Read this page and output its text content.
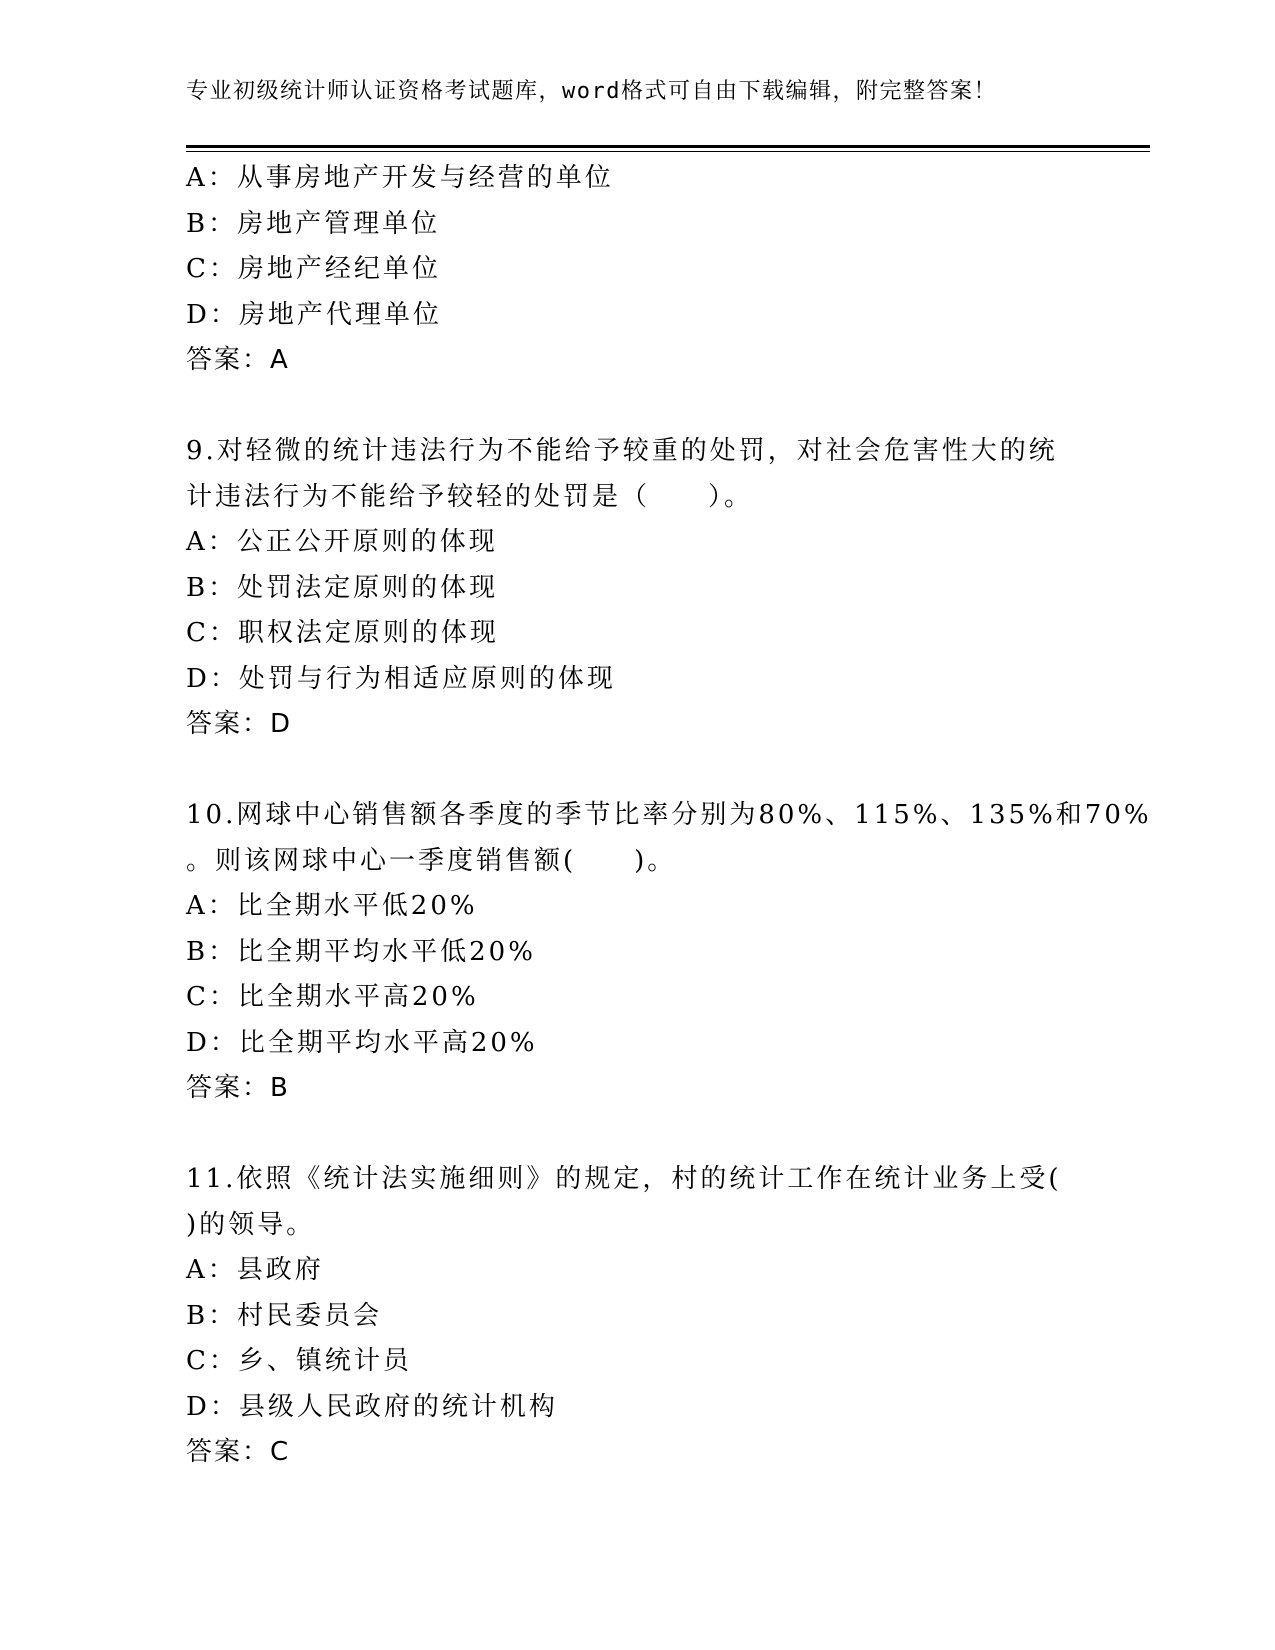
专业初级统计师认证资格考试题库，word格式可自由下载编辑，附完整答案！
A：从事房地产开发与经营的单位
B：房地产管理单位
C：房地产经纪单位
D：房地产代理单位
答案：A
9.对轻微的统计违法行为不能给予较重的处罚，对社会危害性大的统
计违法行为不能给予较轻的处罚是（　　）。
A：公正公开原则的体现
B：处罚法定原则的体现
C：职权法定原则的体现
D：处罚与行为相适应原则的体现
答案：D
10.网球中心销售额各季度的季节比率分别为80%、115%、135%和70%
。则该网球中心一季度销售额(　　)。
A：比全期水平低20%
B：比全期平均水平低20%
C：比全期水平高20%
D：比全期平均水平高20%
答案：B
11.依照《统计法实施细则》的规定，村的统计工作在统计业务上受(
)的领导。
A：县政府
B：村民委员会
C：乡、镇统计员
D：县级人民政府的统计机构
答案：C
